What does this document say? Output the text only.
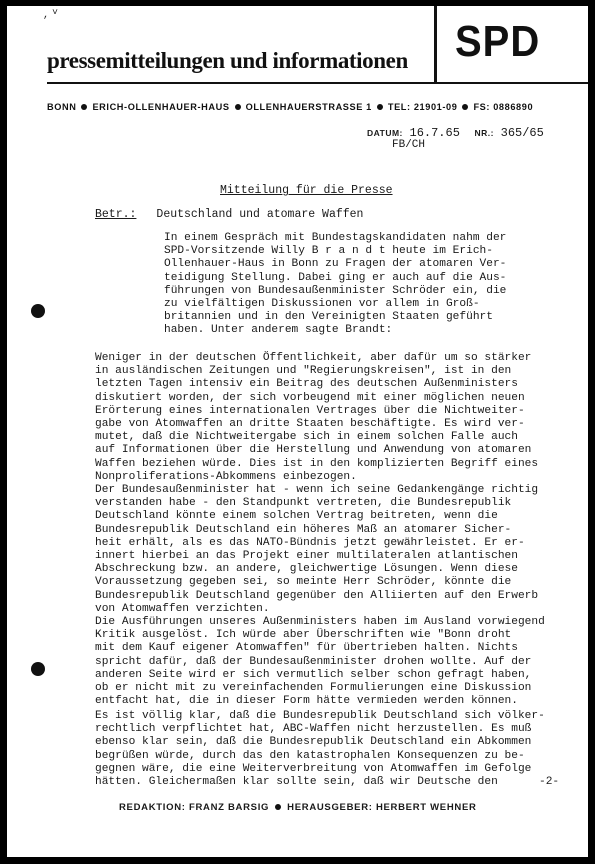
, ˅
pressemitteilungen und informationen SPD
BONN ERICH-OLLENHAUER-HAUS OLLENHAUERSTRASSE 1 TEL: 21901-09 FS: 0886890
DATUM: 16.7.65 NR.: 365/65
FB/CH
Mitteilung für die Presse
Betr.: Deutschland und atomare Waffen
In einem Gespräch mit Bundestagskandidaten nahm der
SPD-Vorsitzende Willy B r a n d t heute im Erich-
Ollenhauer-Haus in Bonn zu Fragen der atomaren Ver-
teidigung Stellung. Dabei ging er auch auf die Aus-
führungen von Bundesaußenminister Schröder ein, die
zu vielfältigen Diskussionen vor allem in Groß-
britannien und in den Vereinigten Staaten geführt
haben. Unter anderem sagte Brandt:
Weniger in der deutschen Öffentlichkeit, aber dafür um so stärker
in ausländischen Zeitungen und "Regierungskreisen", ist in den
letzten Tagen intensiv ein Beitrag des deutschen Außenministers
diskutiert worden, der sich vorbeugend mit einer möglichen neuen
Erörterung eines internationalen Vertrages über die Nichtweiter-
gabe von Atomwaffen an dritte Staaten beschäftigte. Es wird ver-
mutet, daß die Nichtweitergabe sich in einem solchen Falle auch
auf Informationen über die Herstellung und Anwendung von atomaren
Waffen beziehen würde. Dies ist in den komplizierten Begriff eines
Nonproliferations-Abkommens einbezogen.
Der Bundesaußenminister hat - wenn ich seine Gedankengänge richtig
verstanden habe - den Standpunkt vertreten, die Bundesrepublik
Deutschland könnte einem solchen Vertrag beitreten, wenn die
Bundesrepublik Deutschland ein höheres Maß an atomarer Sicher-
heit erhält, als es das NATO-Bündnis jetzt gewährleistet. Er er-
innert hierbei an das Projekt einer multilateralen atlantischen
Abschreckung bzw. an andere, gleichwertige Lösungen. Wenn diese
Voraussetzung gegeben sei, so meinte Herr Schröder, könnte die
Bundesrepublik Deutschland gegenüber den Alliierten auf den Erwerb
von Atomwaffen verzichten.
Die Ausführungen unseres Außenministers haben im Ausland vorwiegend
Kritik ausgelöst. Ich würde aber Überschriften wie "Bonn droht
mit dem Kauf eigener Atomwaffen" für übertrieben halten. Nichts
spricht dafür, daß der Bundesaußenminister drohen wollte. Auf der
anderen Seite wird er sich vermutlich selber schon gefragt haben,
ob er nicht mit zu vereinfachenden Formulierungen eine Diskussion
entfacht hat, die in dieser Form hätte vermieden werden können.
Es ist völlig klar, daß die Bundesrepublik Deutschland sich völker-
rechtlich verpflichtet hat, ABC-Waffen nicht herzustellen. Es muß
ebenso klar sein, daß die Bundesrepublik Deutschland ein Abkommen
begrüßen würde, durch das den katastrophalen Konsequenzen zu be-
gegnen wäre, die eine Weiterverbreitung von Atomwaffen im Gefolge
hätten. Gleichermaßen klar sollte sein, daß wir Deutsche den	-2-
REDAKTION: FRANZ BARSIG HERAUSGEBER: HERBERT WEHNER
